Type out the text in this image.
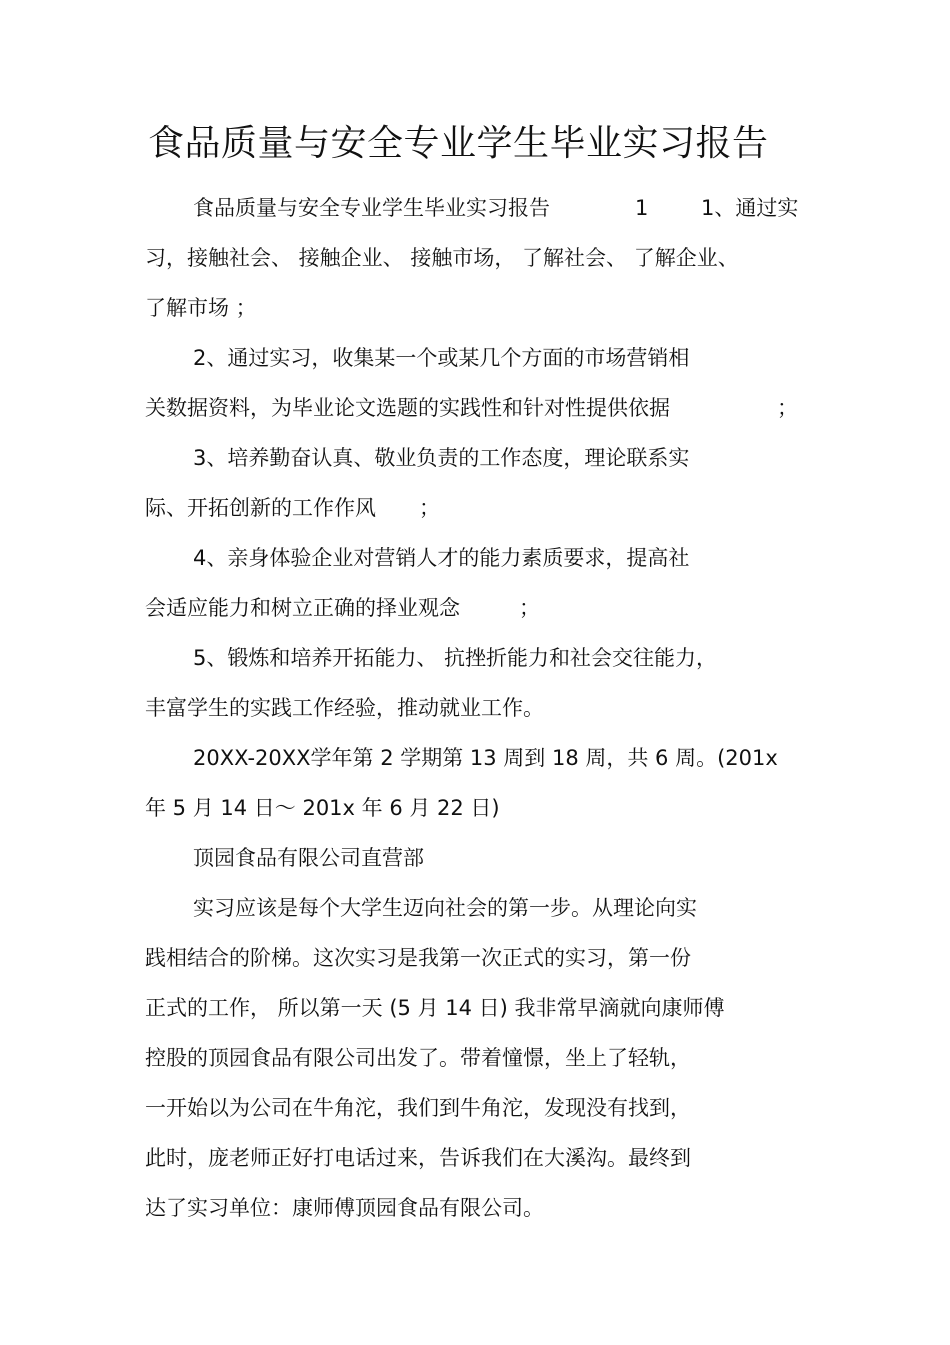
食品质量与安全专业学生毕业实习报告
食品质量与安全专业学生毕业实习报告	1	1、通过实
习，接触社会、 接触企业、 接触市场， 了解社会、 了解企业、
了解市场 ；
2、通过实习，收集某一个或某几个方面的市场营销相
关数据资料，为毕业论文选题的实践性和针对性提供依据	；
3、培养勤奋认真、敬业负责的工作态度，理论联系实
际、开拓创新的工作作风 ；
4、亲身体验企业对营销人才的能力素质要求，提高社
会适应能力和树立正确的择业观念	；
5、锻炼和培养开拓能力、 抗挫折能力和社会交往能力，
丰富学生的实践工作经验，推动就业工作。
20XX-20XX学年第 2 学期第 13 周到 18 周，共 6 周。(201x
年 5 月 14 日～ 201x 年 6 月 22 日)
顶园食品有限公司直营部
实习应该是每个大学生迈向社会的第一步。从理论向实
践相结合的阶梯。这次实习是我第一次正式的实习，第一份
正式的工作， 所以第一天 (5 月 14 日) 我非常早滴就向康师傅
控股的顶园食品有限公司出发了。带着憧憬，坐上了轻轨，
一开始以为公司在牛角沱，我们到牛角沱，发现没有找到，
此时，庞老师正好打电话过来，告诉我们在大溪沟。最终到
达了实习单位：康师傅顶园食品有限公司。
